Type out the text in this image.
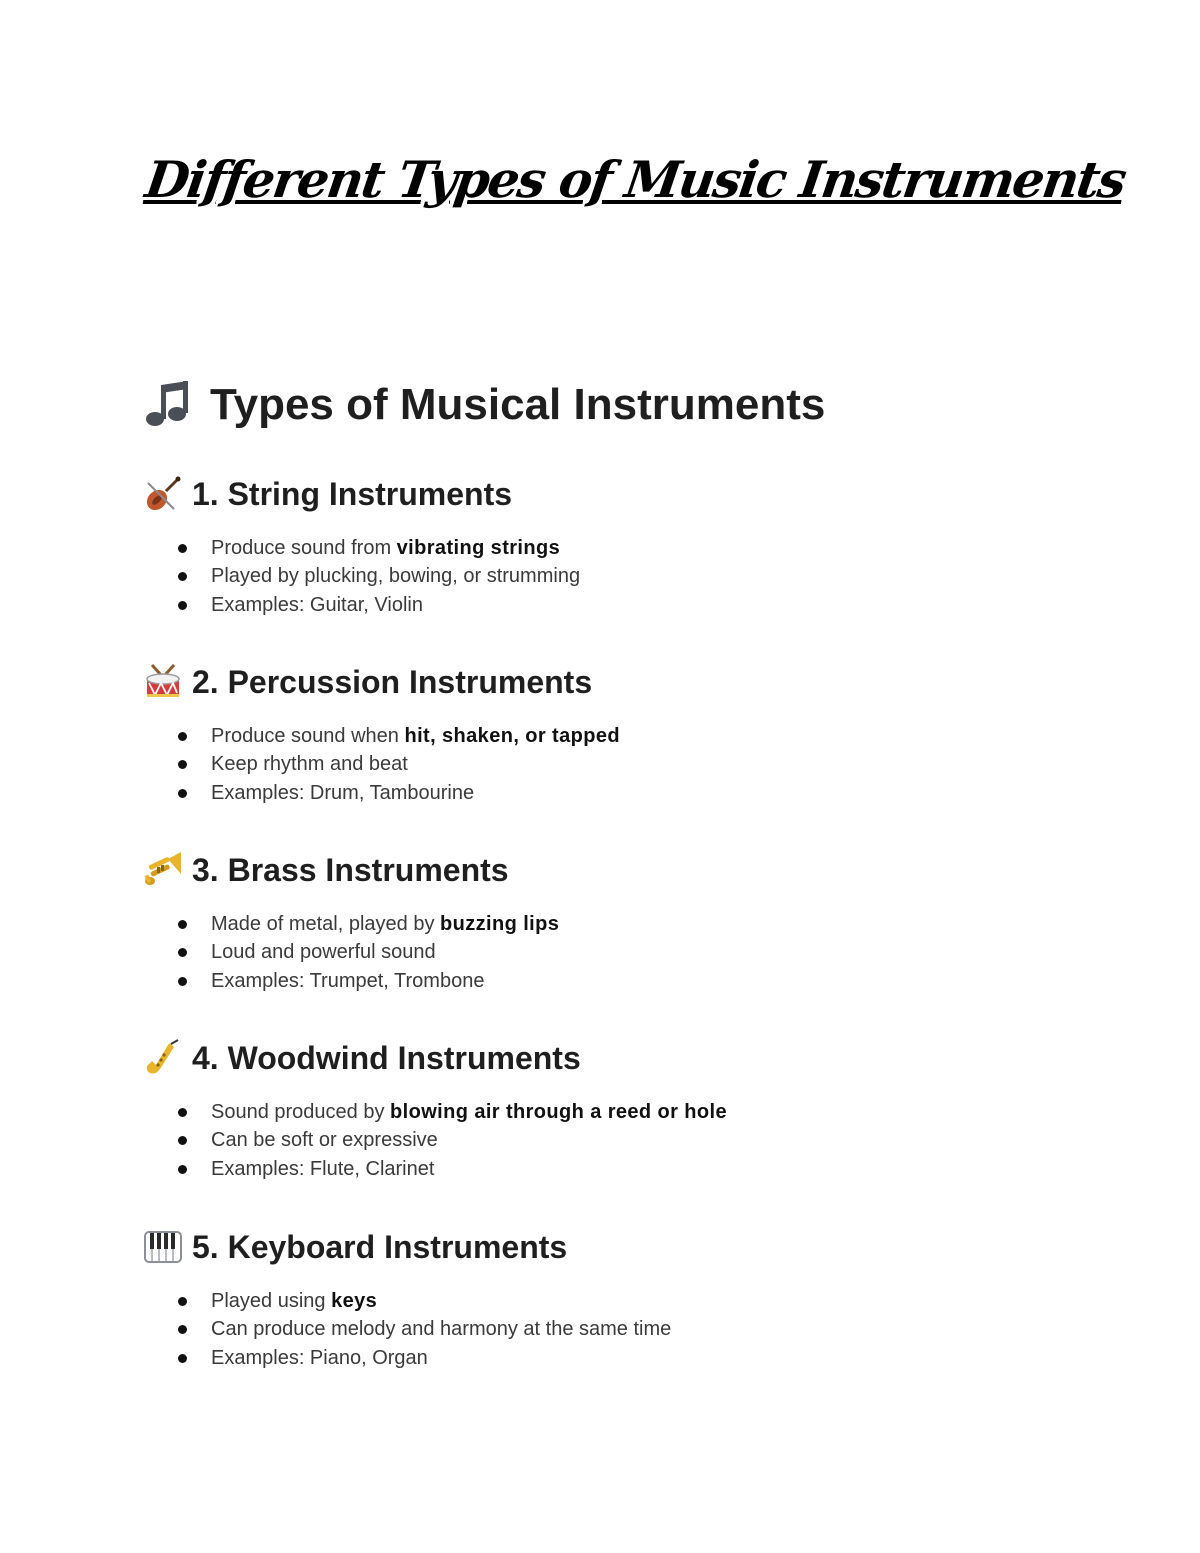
Different Types of Music Instruments
Types of Musical Instruments
1. String Instruments
Produce sound from vibrating strings
Played by plucking, bowing, or strumming
Examples: Guitar, Violin
2. Percussion Instruments
Produce sound when hit, shaken, or tapped
Keep rhythm and beat
Examples: Drum, Tambourine
3. Brass Instruments
Made of metal, played by buzzing lips
Loud and powerful sound
Examples: Trumpet, Trombone
4. Woodwind Instruments
Sound produced by blowing air through a reed or hole
Can be soft or expressive
Examples: Flute, Clarinet
5. Keyboard Instruments
Played using keys
Can produce melody and harmony at the same time
Examples: Piano, Organ
